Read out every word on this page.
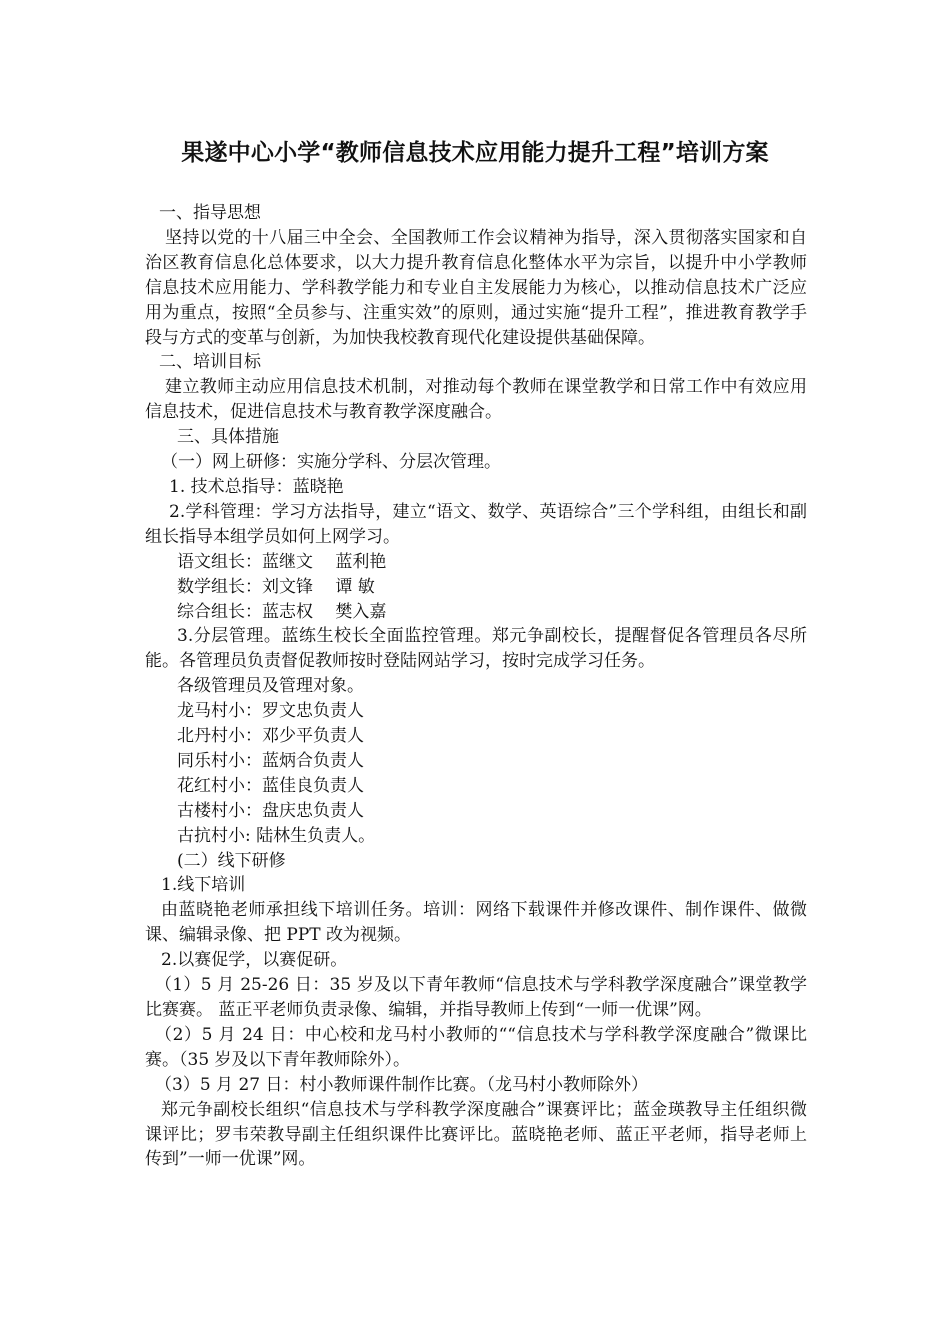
果遂中心小学“教师信息技术应用能力提升工程”培训方案

一、指导思想

坚持以党的十八届三中全会、全国教师工作会议精神为指导，深入贯彻落实国家和自治区教育信息化总体要求，以大力提升教育信息化整体水平为宗旨，以提升中小学教师信息技术应用能力、学科教学能力和专业自主发展能力为核心，以推动信息技术广泛应用为重点，按照“全员参与、注重实效”的原则，通过实施“提升工程”，推进教育教学手段与方式的变革与创新，为加快我校教育现代化建设提供基础保障。

二、培训目标

建立教师主动应用信息技术机制，对推动每个教师在课堂教学和日常工作中有效应用信息技术，促进信息技术与教育教学深度融合。

三、具体措施

（一）网上研修：实施分学科、分层次管理。

1. 技术总指导：蓝晓艳

2.学科管理：学习方法指导，建立“语文、数学、英语综合”三个学科组，由组长和副组长指导本组学员如何上网学习。

语文组长：蓝继文　 蓝利艳

数学组长：刘文锋　 谭 敏

综合组长：蓝志权　 樊入嘉

3.分层管理。蓝练生校长全面监控管理。郑元争副校长，提醒督促各管理员各尽所能。各管理员负责督促教师按时登陆网站学习，按时完成学习任务。

各级管理员及管理对象。

龙马村小：罗文忠负责人

北丹村小：邓少平负责人

同乐村小：蓝炳合负责人

花红村小：蓝佳良负责人

古楼村小：盘庆忠负责人

古抗村小: 陆林生负责人。

(二）线下研修

1.线下培训

由蓝晓艳老师承担线下培训任务。培训：网络下载课件并修改课件、制作课件、做微课、编辑录像、把 PPT 改为视频。

2.以赛促学，以赛促研。

（1）5 月 25-26 日：35 岁及以下青年教师“信息技术与学科教学深度融合”课堂教学比赛赛。 蓝正平老师负责录像、编辑，并指导教师上传到“一师一优课”网。

（2）5 月 24 日：中心校和龙马村小教师的““信息技术与学科教学深度融合”微课比赛。（35 岁及以下青年教师除外）。

（3）5 月 27 日：村小教师课件制作比赛。（龙马村小教师除外）

郑元争副校长组织“信息技术与学科教学深度融合”课赛评比；蓝金瑛教导主任组织微课评比；罗韦荣教导副主任组织课件比赛评比。蓝晓艳老师、蓝正平老师，指导老师上传到”一师一优课”网。
